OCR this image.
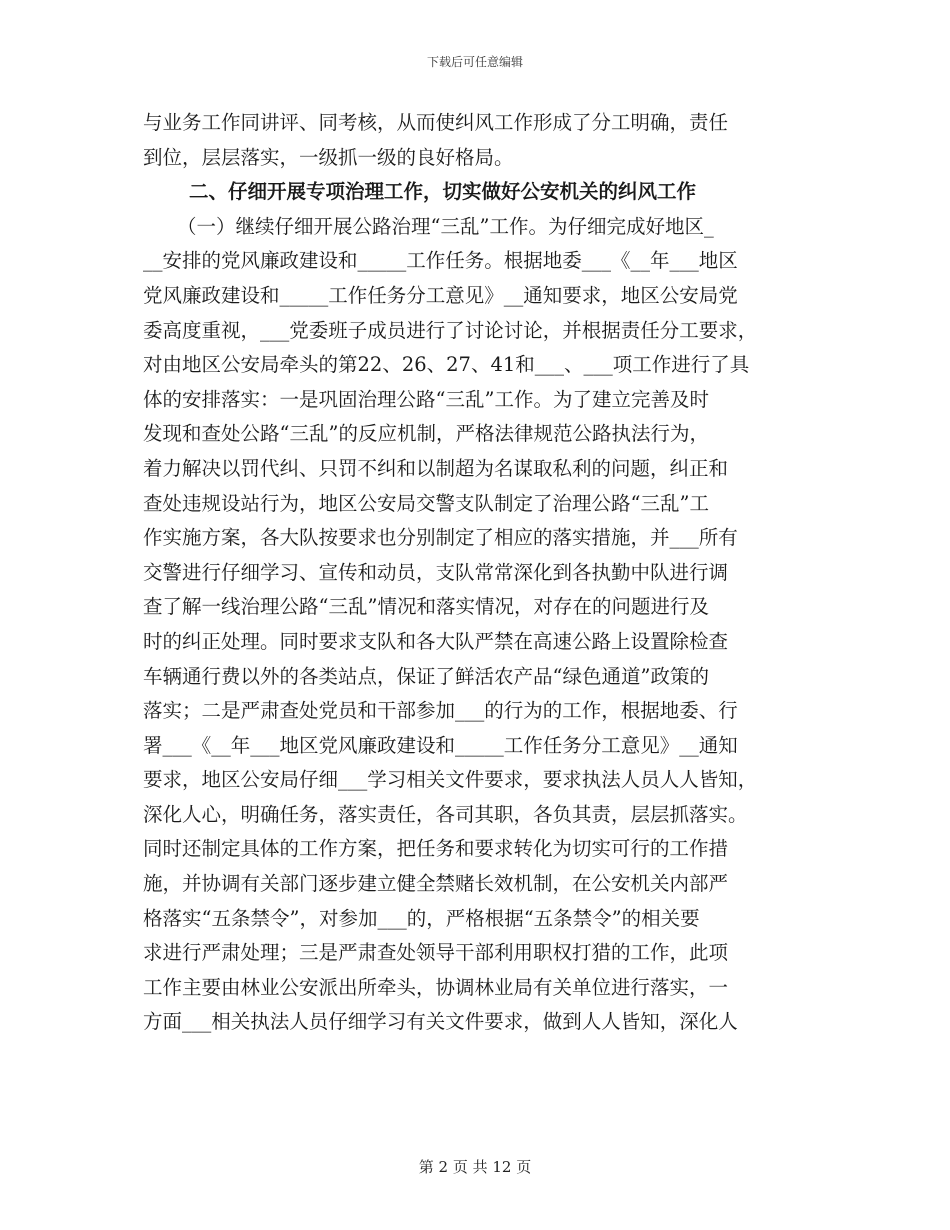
下载后可任意编辑
与业务工作同讲评、同考核，从而使纠风工作形成了分工明确，责任
到位，层层落实，一级抓一级的良好格局。
二、仔细开展专项治理工作，切实做好公安机关的纠风工作
（一）继续仔细开展公路治理“三乱”工作。为仔细完成好地区_
__安排的党风廉政建设和_____工作任务。根据地委___《__年___地区
党风廉政建设和_____工作任务分工意见》__通知要求，地区公安局党
委高度重视，___党委班子成员进行了讨论讨论，并根据责任分工要求，
对由地区公安局牵头的第22、26、27、41和___、___项工作进行了具
体的安排落实：一是巩固治理公路“三乱”工作。为了建立完善及时
发现和查处公路“三乱”的反应机制，严格法律规范公路执法行为，
着力解决以罚代纠、只罚不纠和以制超为名谋取私利的问题，纠正和
查处违规设站行为，地区公安局交警支队制定了治理公路“三乱”工
作实施方案，各大队按要求也分别制定了相应的落实措施，并___所有
交警进行仔细学习、宣传和动员，支队常常深化到各执勤中队进行调
查了解一线治理公路“三乱”情况和落实情况，对存在的问题进行及
时的纠正处理。同时要求支队和各大队严禁在高速公路上设置除检查
车辆通行费以外的各类站点，保证了鲜活农产品“绿色通道”政策的
落实；二是严肃查处党员和干部参加___的行为的工作，根据地委、行
署___《__年___地区党风廉政建设和_____工作任务分工意见》__通知
要求，地区公安局仔细___学习相关文件要求，要求执法人员人人皆知，
深化人心，明确任务，落实责任，各司其职，各负其责，层层抓落实。
同时还制定具体的工作方案，把任务和要求转化为切实可行的工作措
施，并协调有关部门逐步建立健全禁赌长效机制，在公安机关内部严
格落实“五条禁令”，对参加___的，严格根据“五条禁令”的相关要
求进行严肃处理；三是严肃查处领导干部利用职权打猎的工作，此项
工作主要由林业公安派出所牵头，协调林业局有关单位进行落实，一
方面___相关执法人员仔细学习有关文件要求，做到人人皆知，深化人
第 2 页 共 12 页
